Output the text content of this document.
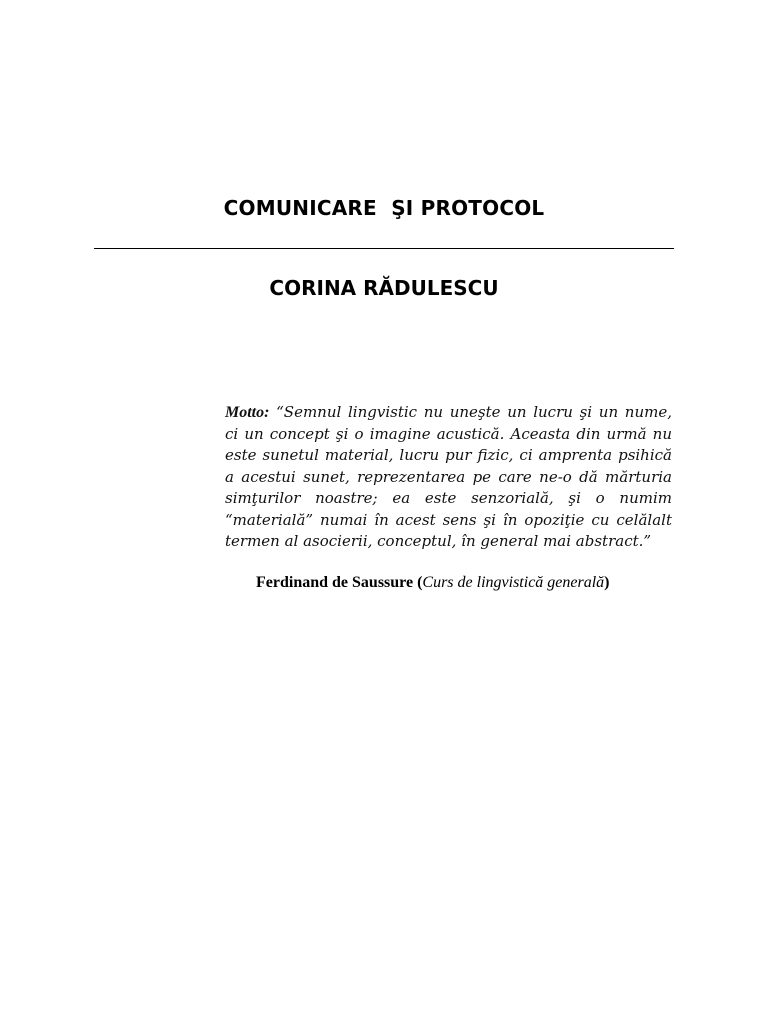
COMUNICARE  ŞI PROTOCOL
CORINA RĂDULESCU

Motto: “Semnul lingvistic nu uneşte un lucru şi un nume, ci un concept şi o imagine acustică. Aceasta din urmă nu este sunetul material, lucru pur fizic, ci amprenta psihică a acestui sunet, reprezentarea pe care ne-o dă mărturia simţurilor noastre; ea este senzorială, şi o numim “materială” numai în acest sens şi în opoziţie cu celălalt termen al asocierii, conceptul, în general mai abstract.”

Ferdinand de Saussure (Curs de lingvistică generală)
